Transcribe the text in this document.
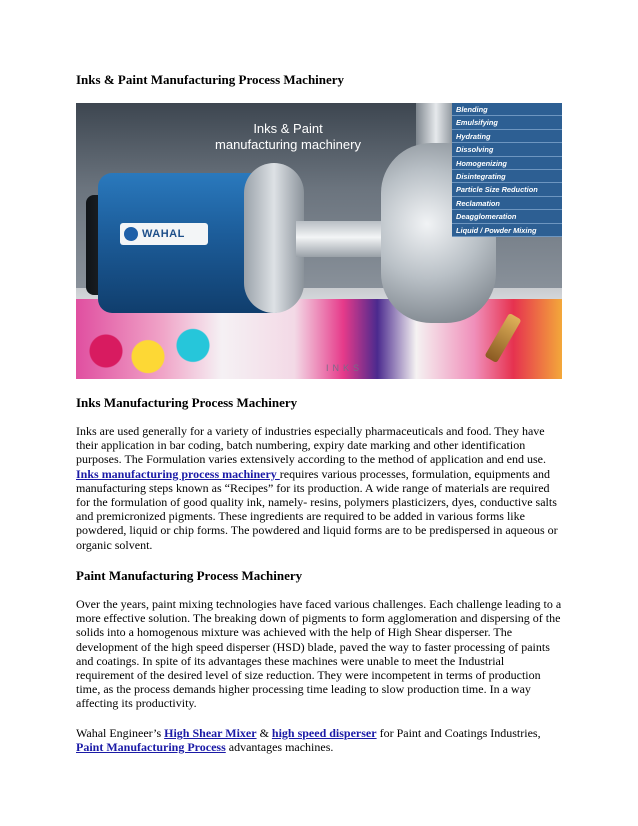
Inks & Paint Manufacturing Process Machinery
WAHAL
Inks & Paint
manufacturing machinery
Blending
Emulsifying
Hydrating
Dissolving
Homogenizing
Disintegrating
Particle Size Reduction
Reclamation
Deagglomeration
Liquid / Powder Mixing
INKS
Inks Manufacturing Process Machinery

Inks are used generally for a variety of industries especially pharmaceuticals and food. They have their application in bar coding, batch numbering, expiry date marking and other identification purposes. The Formulation varies extensively according to the method of application and end use. Inks manufacturing process machinery requires various processes, formulation, equipments and manufacturing steps known as “Recipes” for its production. A wide range of materials are required for the formulation of good quality ink, namely- resins, polymers plasticizers, dyes, conductive salts and premicronized pigments. These ingredients are required to be added in various forms like powdered, liquid or chip forms. The powdered and liquid forms are to be predispersed in aqueous or organic solvent.

Paint Manufacturing Process Machinery

Over the years, paint mixing technologies have faced various challenges. Each challenge leading to a more effective solution. The breaking down of pigments to form agglomeration and dispersing of the solids into a homogenous mixture was achieved with the help of High Shear disperser. The development of the high speed disperser (HSD) blade, paved the way to faster processing of paints and coatings. In spite of its advantages these machines were unable to meet the Industrial requirement of the desired level of size reduction. They were incompetent in terms of production time, as the process demands higher processing time leading to slow production time. In a way affecting its productivity.

Wahal Engineer’s High Shear Mixer & high speed disperser for Paint and Coatings Industries, Paint Manufacturing Process advantages machines.
